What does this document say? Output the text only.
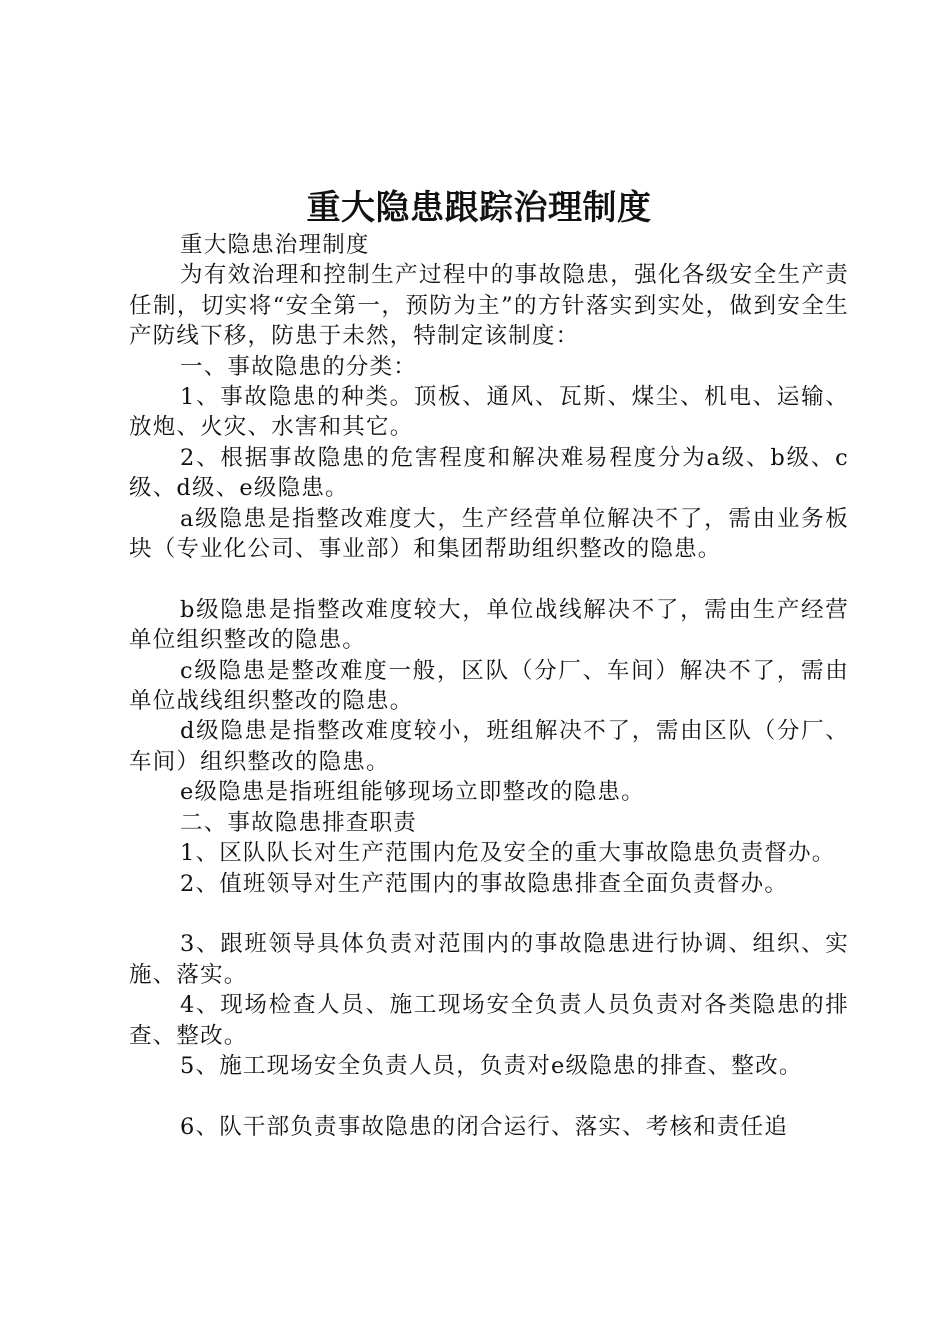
重大隐患跟踪治理制度

重大隐患治理制度

为有效治理和控制生产过程中的事故隐患，强化各级安全生产责任制，切实将“安全第一，预防为主”的方针落实到实处，做到安全生产防线下移，防患于未然，特制定该制度：

一、事故隐患的分类：

1、事故隐患的种类。顶板、通风、瓦斯、煤尘、机电、运输、放炮、火灾、水害和其它。

2、根据事故隐患的危害程度和解决难易程度分为a级、b级、c级、d级、e级隐患。

a级隐患是指整改难度大，生产经营单位解决不了，需由业务板块（专业化公司、事业部）和集团帮助组织整改的隐患。

b级隐患是指整改难度较大，单位战线解决不了，需由生产经营单位组织整改的隐患。

c级隐患是整改难度一般，区队（分厂、车间）解决不了，需由单位战线组织整改的隐患。

d级隐患是指整改难度较小，班组解决不了，需由区队（分厂、车间）组织整改的隐患。

e级隐患是指班组能够现场立即整改的隐患。

二、事故隐患排查职责

1、区队队长对生产范围内危及安全的重大事故隐患负责督办。

2、值班领导对生产范围内的事故隐患排查全面负责督办。

3、跟班领导具体负责对范围内的事故隐患进行协调、组织、实施、落实。

4、现场检查人员、施工现场安全负责人员负责对各类隐患的排查、整改。

5、施工现场安全负责人员，负责对e级隐患的排查、整改。

6、队干部负责事故隐患的闭合运行、落实、考核和责任追
